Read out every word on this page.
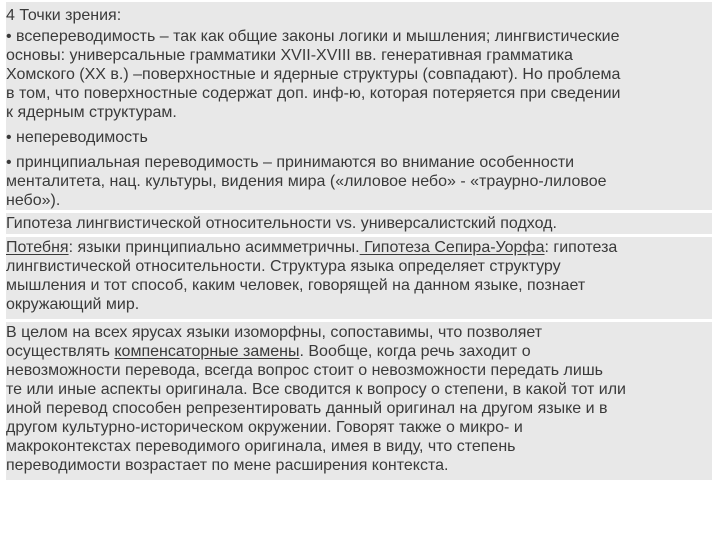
4 Точки зрения:

• всепереводимость – так как общие законы логики и мышления; лингвистические
основы: универсальные грамматики XVII-XVIII вв. генеративная грамматика
Хомского (XX в.) –поверхностные и ядерные структуры (совпадают). Но проблема
в том, что поверхностные содержат доп. инф-ю, которая потеряется при сведении
к ядерным структурам.

• непереводимость

• принципиальная переводимость – принимаются во внимание особенности
менталитета, нац. культуры, видения мира («лиловое небо» - «траурно-лиловое
небо»).

Гипотеза лингвистической относительности vs. универсалистский подход.

Потебня: языки принципиально асимметричны. Гипотеза Сепира-Уорфа: гипотеза
лингвистической относительности. Структура языка определяет структуру
мышления и тот способ, каким человек, говорящей на данном языке, познает
окружающий мир.

В целом на всех ярусах языки изоморфны, сопоставимы, что позволяет
осуществлять компенсаторные замены. Вообще, когда речь заходит о
невозможности перевода, всегда вопрос стоит о невозможности передать лишь
те или иные аспекты оригинала. Все сводится к вопросу о степени, в какой тот или
иной перевод способен репрезентировать данный оригинал на другом языке и в
другом культурно-историческом окружении. Говорят также о микро- и
макроконтекстах переводимого оригинала, имея в виду, что степень
переводимости возрастает по мене расширения контекста.
